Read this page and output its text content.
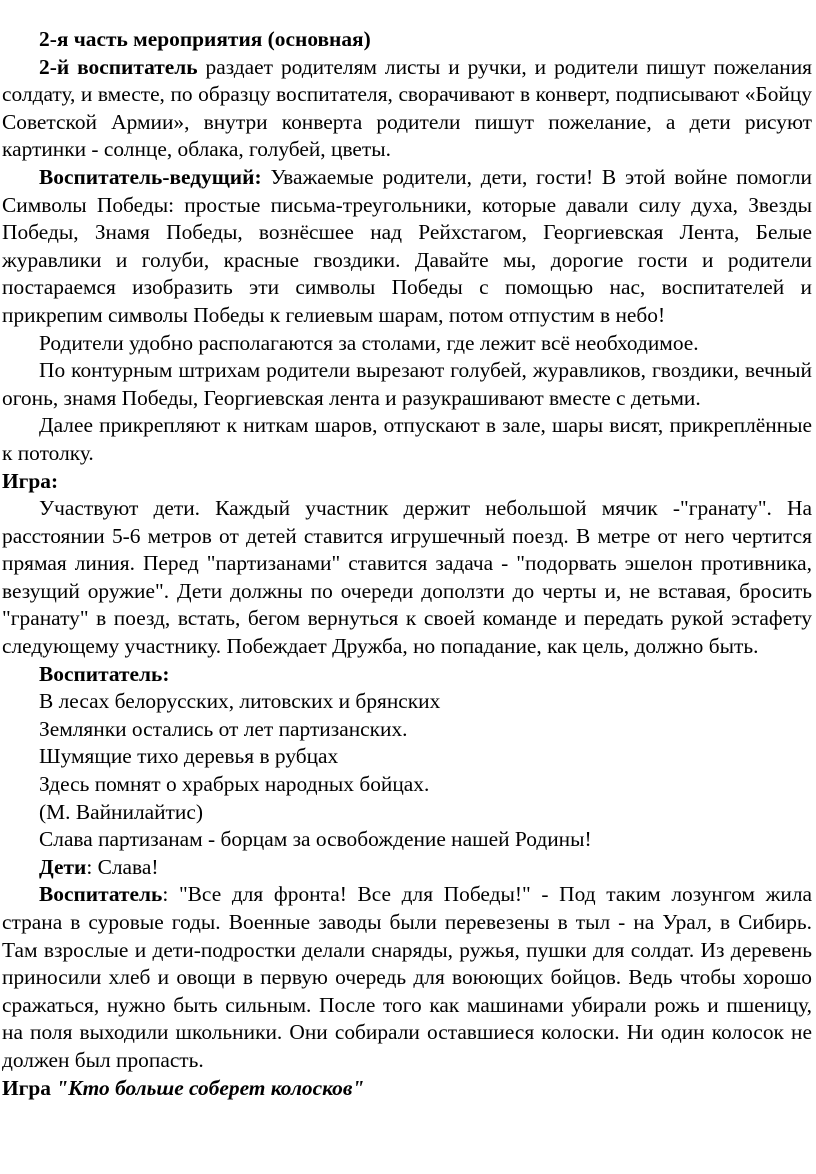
2-я часть мероприятия (основная)

2-й воспитатель раздает родителям листы и ручки, и родители пишут пожелания солдату, и вместе, по образцу воспитателя, сворачивают в конверт, подписывают «Бойцу Советской Армии», внутри конверта родители пишут пожелание, а дети рисуют картинки - солнце, облака, голубей, цветы.

Воспитатель-ведущий: Уважаемые родители, дети, гости! В этой войне помогли Символы Победы: простые письма-треугольники, которые давали силу духа, Звезды Победы, Знамя Победы, вознёсшее над Рейхстагом, Георгиевская Лента, Белые журавлики и голуби, красные гвоздики. Давайте мы, дорогие гости и родители постараемся изобразить эти символы Победы с помощью нас, воспитателей и прикрепим символы Победы к гелиевым шарам, потом отпустим в небо!

Родители удобно располагаются за столами, где лежит всё необходимое.

По контурным штрихам родители вырезают голубей, журавликов, гвоздики, вечный огонь, знамя Победы, Георгиевская лента и разукрашивают вместе с детьми.

Далее прикрепляют к ниткам шаров, отпускают в зале, шары висят, прикреплённые к потолку.

Игра:

Участвуют дети. Каждый участник держит небольшой мячик -"гранату". На расстоянии 5-6 метров от детей ставится игрушечный поезд. В метре от него чертится прямая линия. Перед "партизанами" ставится задача - "подорвать эшелон противника, везущий оружие". Дети должны по очереди доползти до черты и, не вставая, бросить "гранату" в поезд, встать, бегом вернуться к своей команде и передать рукой эстафету следующему участнику. Побеждает Дружба, но попадание, как цель, должно быть.

Воспитатель:

В лесах белорусских, литовских и брянских

Землянки остались от лет партизанских.

Шумящие тихо деревья в рубцах

Здесь помнят о храбрых народных бойцах.

(М. Вайнилайтис)

Слава партизанам - борцам за освобождение нашей Родины!

Дети: Слава!

Воспитатель: "Все для фронта! Все для Победы!" - Под таким лозунгом жила страна в суровые годы. Военные заводы были перевезены в тыл - на Урал, в Сибирь. Там взрослые и дети-подростки делали снаряды, ружья, пушки для солдат. Из деревень приносили хлеб и овощи в первую очередь для воюющих бойцов. Ведь чтобы хорошо сражаться, нужно быть сильным. После того как машинами убирали рожь и пшеницу, на поля выходили школьники. Они собирали оставшиеся колоски. Ни один колосок не должен был пропасть.

Игра "Кто больше соберет колосков"
